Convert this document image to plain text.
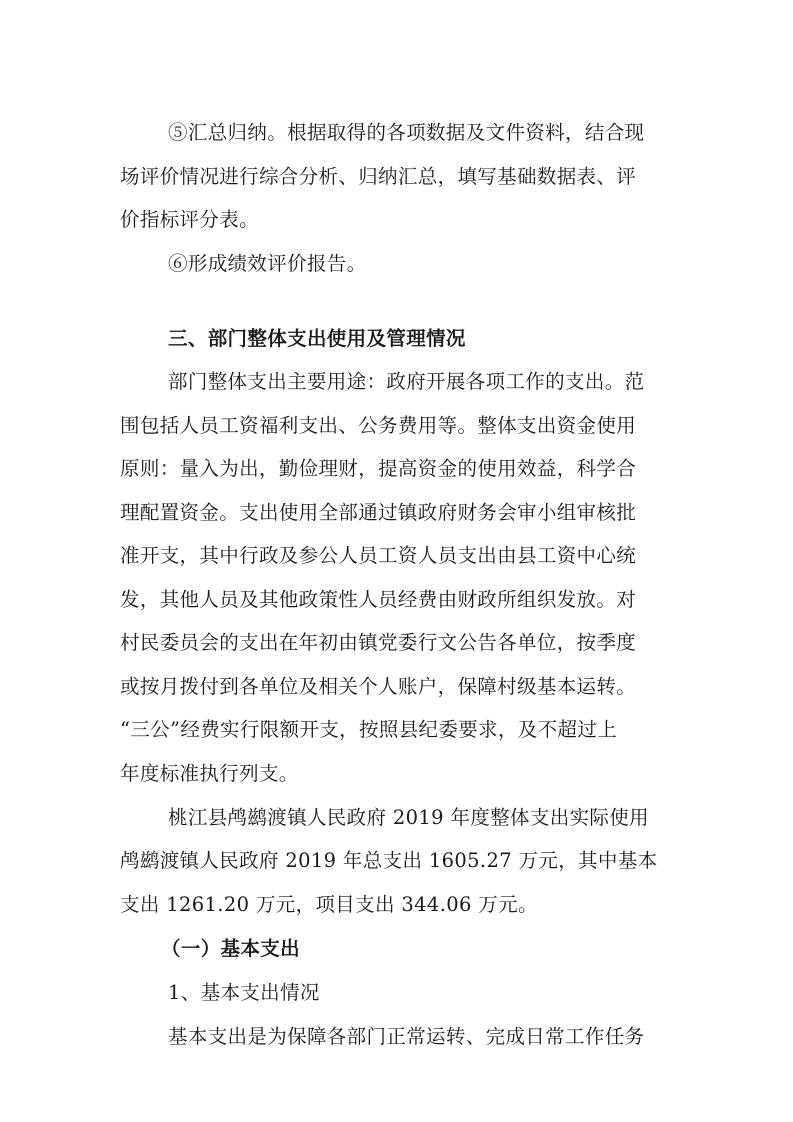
⑤汇总归纳。根据取得的各项数据及文件资料，结合现
场评价情况进行综合分析、归纳汇总，填写基础数据表、评
价指标评分表。
⑥形成绩效评价报告。
三、部门整体支出使用及管理情况
部门整体支出主要用途：政府开展各项工作的支出。范
围包括人员工资福利支出、公务费用等。整体支出资金使用
原则：量入为出，勤俭理财，提高资金的使用效益，科学合
理配置资金。支出使用全部通过镇政府财务会审小组审核批
准开支，其中行政及参公人员工资人员支出由县工资中心统
发，其他人员及其他政策性人员经费由财政所组织发放。对
村民委员会的支出在年初由镇党委行文公告各单位，按季度
或按月拨付到各单位及相关个人账户，保障村级基本运转。
“三公”经费实行限额开支，按照县纪委要求，及不超过上
年度标准执行列支。
桃江县鸬鹚渡镇人民政府 2019 年度整体支出实际使用
鸬鹚渡镇人民政府 2019 年总支出 1605.27 万元，其中基本
支出 1261.20 万元，项目支出 344.06 万元。
（一）基本支出
1、基本支出情况
基本支出是为保障各部门正常运转、完成日常工作任务
